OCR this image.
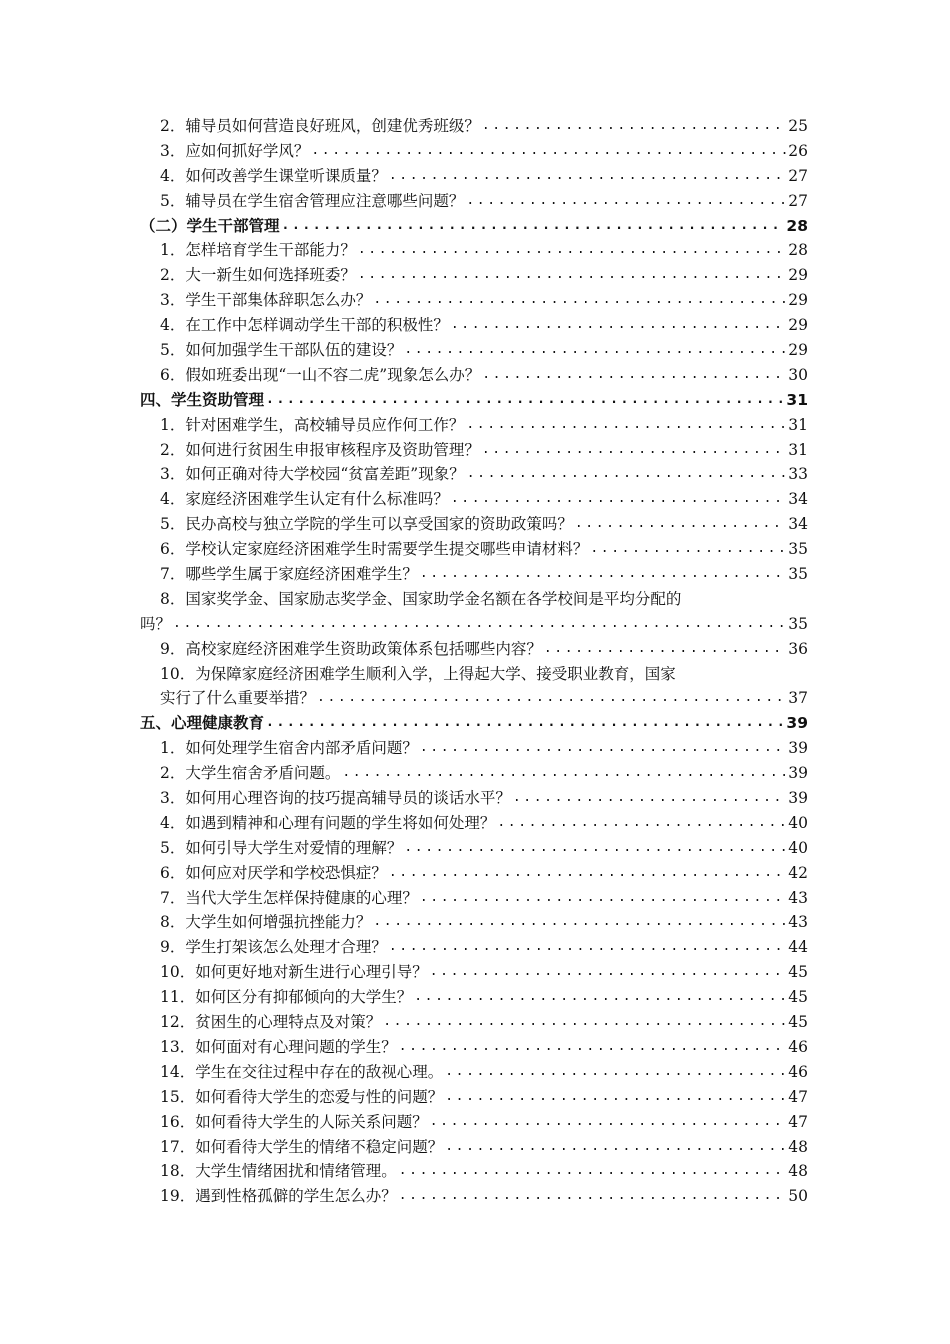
2．辅导员如何营造良好班风，创建优秀班级？ .....	25
3．应如何抓好学风？ .....	26
4．如何改善学生课堂听课质量？ .....	27
5．辅导员在学生宿舍管理应注意哪些问题？ .....	27
（二）学生干部管理 .....	28
1．怎样培育学生干部能力？ .....	28
2．大一新生如何选择班委？ .....	29
3．学生干部集体辞职怎么办？ .....	29
4．在工作中怎样调动学生干部的积极性？ .....	29
5．如何加强学生干部队伍的建设？ .....	29
6．假如班委出现“一山不容二虎”现象怎么办？ .....	30
四、学生资助管理 .....	31
1．针对困难学生，高校辅导员应作何工作？ .....	31
2．如何进行贫困生申报审核程序及资助管理？ .....	31
3．如何正确对待大学校园“贫富差距”现象？ .....	33
4．家庭经济困难学生认定有什么标准吗？ .....	34
5．民办高校与独立学院的学生可以享受国家的资助政策吗？ .....	34
6．学校认定家庭经济困难学生时需要学生提交哪些申请材料？ .....	35
7．哪些学生属于家庭经济困难学生？ .....	35
8．国家奖学金、国家励志奖学金、国家助学金名额在各学校间是平均分配的
吗？ .....	35
9．高校家庭经济困难学生资助政策体系包括哪些内容？ .....	36
10．为保障家庭经济困难学生顺利入学，上得起大学、接受职业教育，国家
实行了什么重要举措？ .....	37
五、心理健康教育 .....	39
1．如何处理学生宿舍内部矛盾问题？ .....	39
2．大学生宿舍矛盾问题。 .....	39
3．如何用心理咨询的技巧提高辅导员的谈话水平？ .....	39
4．如遇到精神和心理有问题的学生将如何处理？ .....	40
5．如何引导大学生对爱情的理解？ .....	40
6．如何应对厌学和学校恐惧症？ .....	42
7．当代大学生怎样保持健康的心理？ .....	43
8．大学生如何增强抗挫能力？ .....	43
9．学生打架该怎么处理才合理？ .....	44
10．如何更好地对新生进行心理引导？ .....	45
11．如何区分有抑郁倾向的大学生？ .....	45
12．贫困生的心理特点及对策？ .....	45
13．如何面对有心理问题的学生？ .....	46
14．学生在交往过程中存在的敌视心理。 .....	46
15．如何看待大学生的恋爱与性的问题？ .....	47
16．如何看待大学生的人际关系问题？ .....	47
17．如何看待大学生的情绪不稳定问题？ .....	48
18．大学生情绪困扰和情绪管理。 .....	48
19．遇到性格孤僻的学生怎么办？ .....	50
